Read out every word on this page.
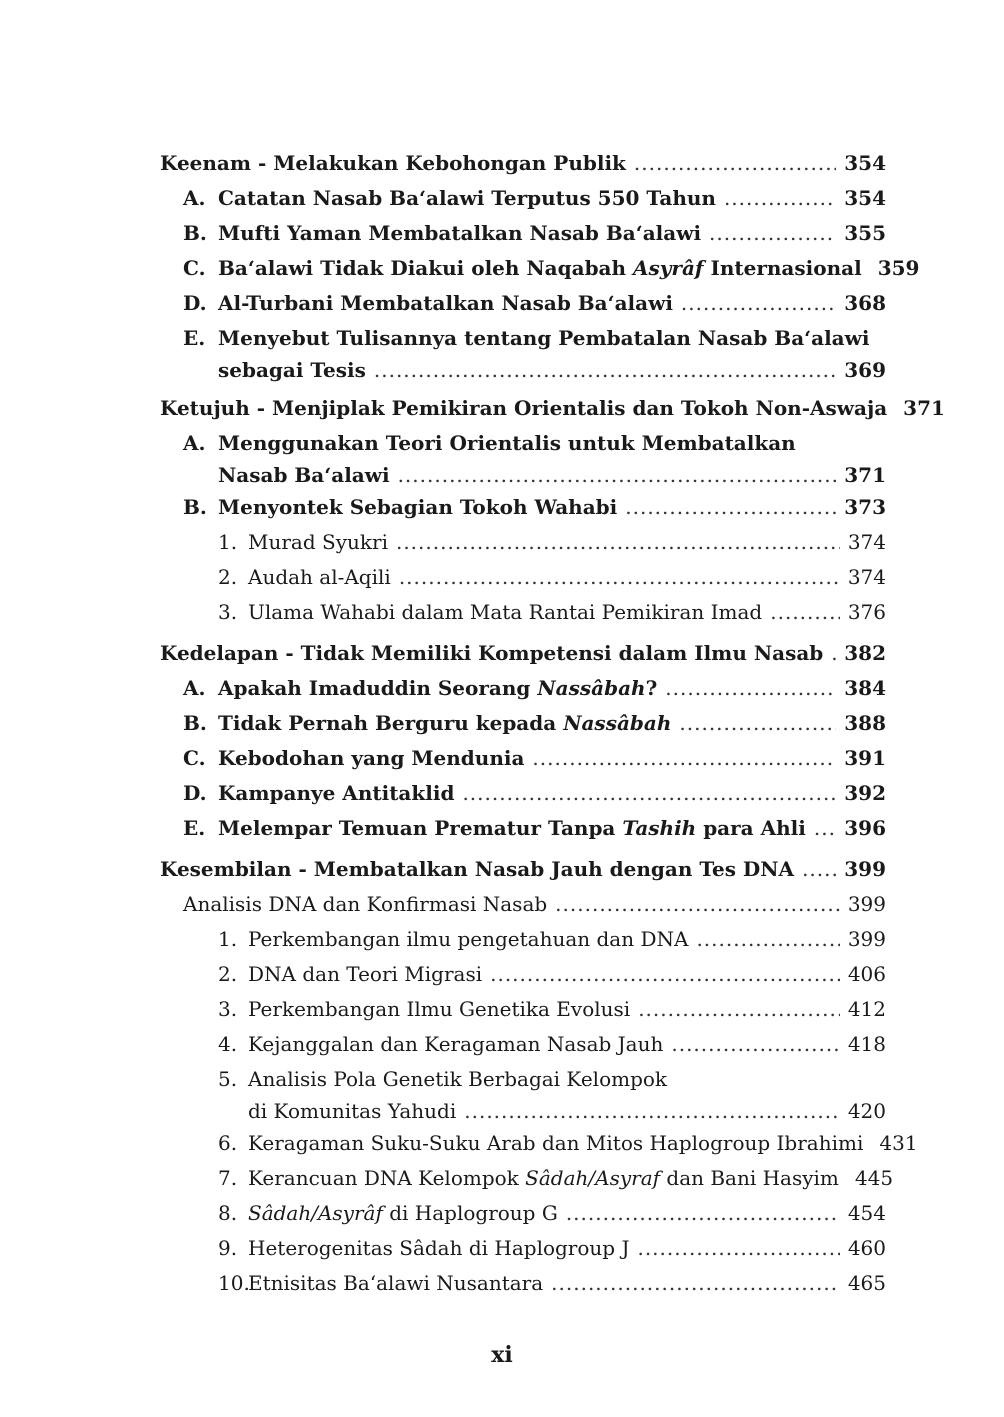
Keenam - Melakukan Kebohongan Publik .....	354
A. Catatan Nasab Ba‘alawi Terputus 550 Tahun .....	354
B. Mufti Yaman Membatalkan Nasab Ba‘alawi .....	355
C. Ba‘alawi Tidak Diakui oleh Naqabah Asyrâf Internasional 359
D. Al-Turbani Membatalkan Nasab Ba‘alawi .....	368
E. Menyebut Tulisannya tentang Pembatalan Nasab Ba‘alawi
sebagai Tesis .....	369
Ketujuh - Menjiplak Pemikiran Orientalis dan Tokoh Non-Aswaja 371
A. Menggunakan Teori Orientalis untuk Membatalkan
Nasab Ba‘alawi .....	371
B. Menyontek Sebagian Tokoh Wahabi .....	373
1. Murad Syukri .....	374
2. Audah al-Aqili .....	374
3. Ulama Wahabi dalam Mata Rantai Pemikiran Imad .....	376
Kedelapan - Tidak Memiliki Kompetensi dalam Ilmu Nasab ..... 382
A. Apakah Imaduddin Seorang Nassâbah? .....	384
B. Tidak Pernah Berguru kepada Nassâbah .....	388
C. Kebodohan yang Mendunia .....	391
D. Kampanye Antitaklid .....	392
E. Melempar Temuan Prematur Tanpa Tashih para Ahli ..... 396
Kesembilan - Membatalkan Nasab Jauh dengan Tes DNA .....	399
Analisis DNA dan Konfirmasi Nasab .....	399
1. Perkembangan ilmu pengetahuan dan DNA .....	399
2. DNA dan Teori Migrasi .....	406
3. Perkembangan Ilmu Genetika Evolusi .....	412
4. Kejanggalan dan Keragaman Nasab Jauh .....	418
5. Analisis Pola Genetik Berbagai Kelompok
di Komunitas Yahudi .....	420
6. Keragaman Suku-Suku Arab dan Mitos Haplogroup Ibrahimi 431
7. Kerancuan DNA Kelompok Sâdah/Asyraf dan Bani Hasyim 445
8. Sâdah/Asyrâf di Haplogroup G .....	454
9. Heterogenitas Sâdah di Haplogroup J .....	460
10.
Etnisitas Ba‘alawi Nusantara .....	465
xi
